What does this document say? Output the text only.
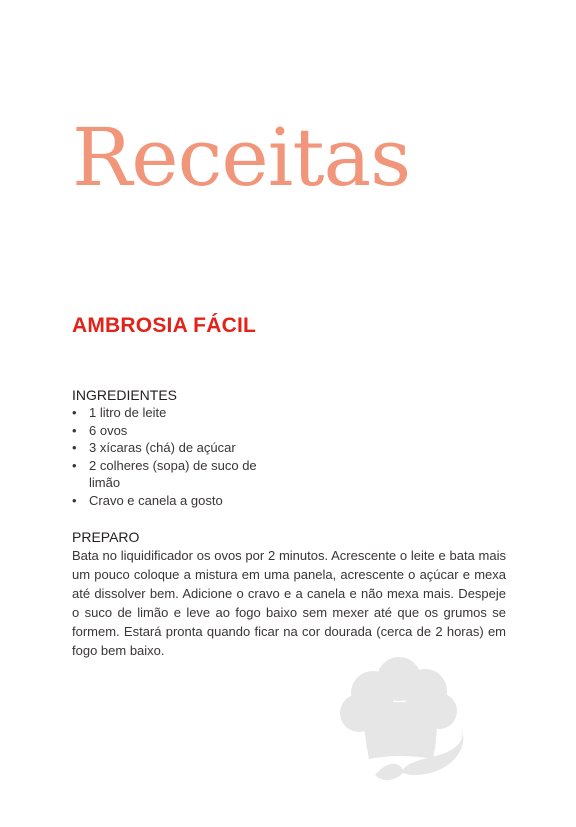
Receitas
AMBROSIA FÁCIL
INGREDIENTES
• 1 litro de leite
• 6 ovos
• 3 xícaras (chá) de açúcar
• 2 colheres (sopa) de suco de limão
• Cravo e canela a gosto
PREPARO

Bata no liquidificador os ovos por 2 minutos. Acrescente o leite e bata mais um pouco coloque a mistura em uma panela, acrescente o açúcar e mexa até dissolver bem. Adicione o cravo e a canela e não mexa mais. Despeje o suco de limão e leve ao fogo baixo sem mexer até que os grumos se formem. Estará pronta quando ficar na cor dourada (cerca de 2 horas) em fogo bem baixo.
